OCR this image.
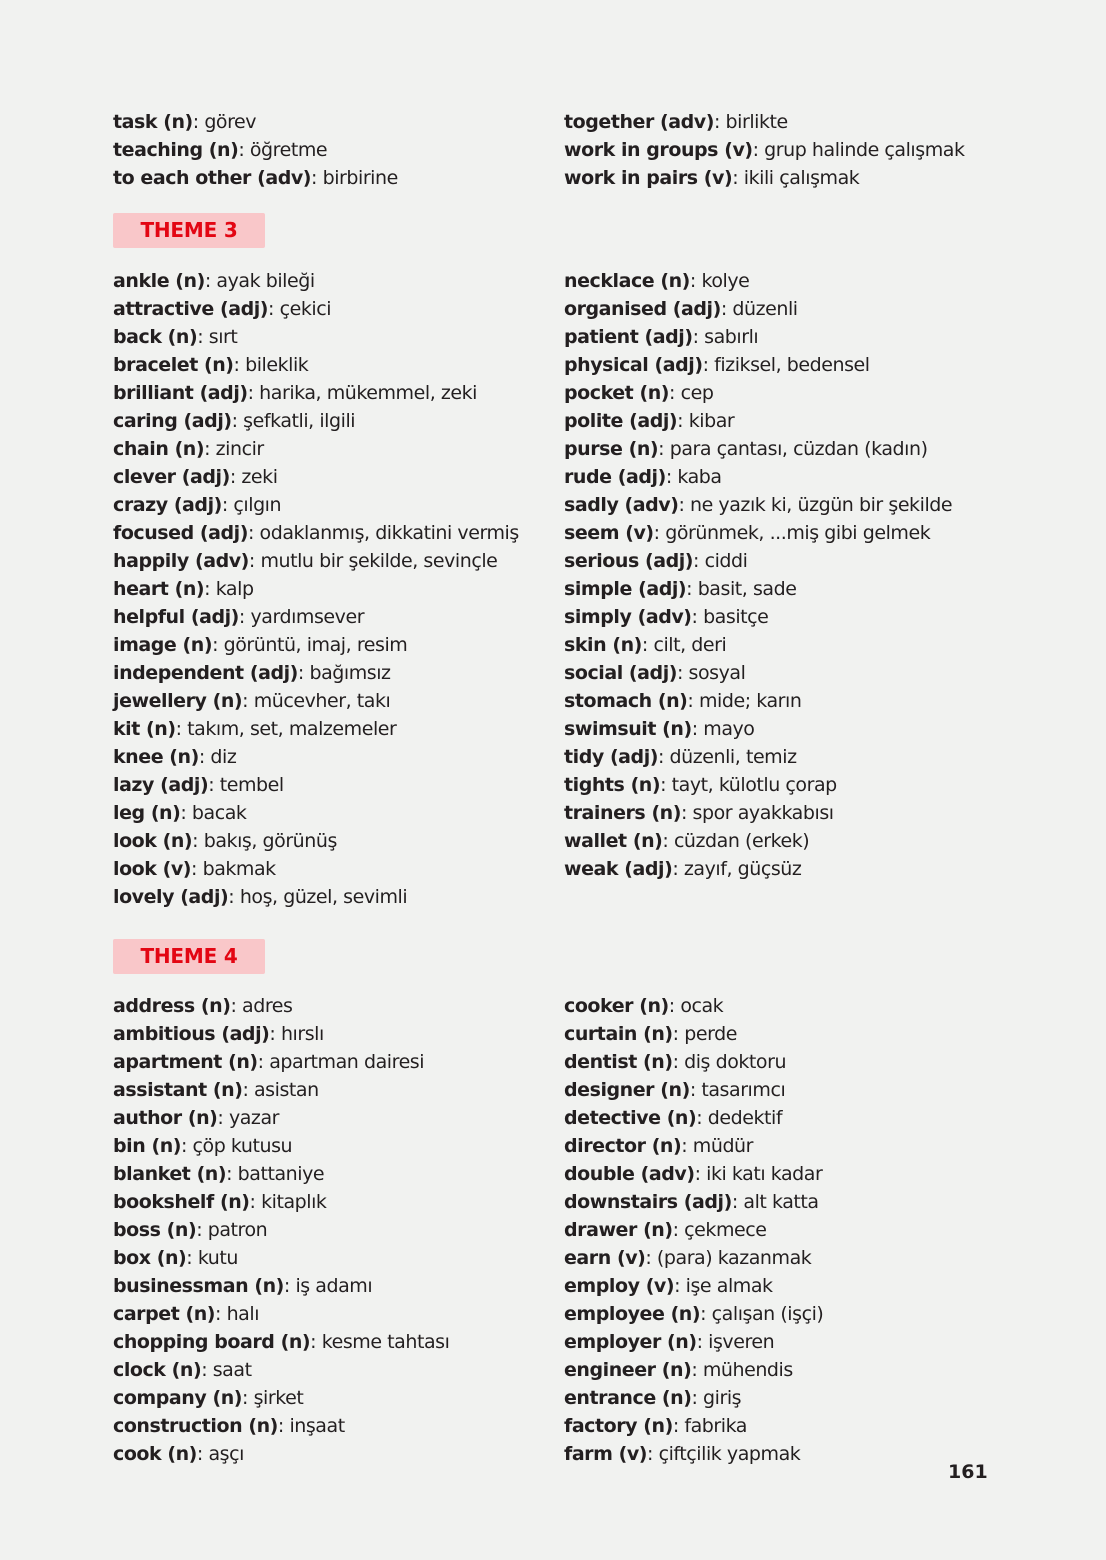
task (n): görev
teaching (n): öğretme
to each other (adv): birbirine
together (adv): birlikte
work in groups (v): grup halinde çalışmak
work in pairs (v): ikili çalışmak
THEME 3
ankle (n): ayak bileği
attractive (adj): çekici
back (n): sırt
bracelet (n): bileklik
brilliant (adj): harika, mükemmel, zeki
caring (adj): şefkatli, ilgili
chain (n): zincir
clever (adj): zeki
crazy (adj): çılgın
focused (adj): odaklanmış, dikkatini vermiş
happily (adv): mutlu bir şekilde, sevinçle
heart (n): kalp
helpful (adj): yardımsever
image (n): görüntü, imaj, resim
independent (adj): bağımsız
jewellery (n): mücevher, takı
kit (n): takım, set, malzemeler
knee (n): diz
lazy (adj): tembel
leg (n): bacak
look (n): bakış, görünüş
look (v): bakmak
lovely (adj): hoş, güzel, sevimli
necklace (n): kolye
organised (adj): düzenli
patient (adj): sabırlı
physical (adj): fiziksel, bedensel
pocket (n): cep
polite (adj): kibar
purse (n): para çantası, cüzdan (kadın)
rude (adj): kaba
sadly (adv): ne yazık ki, üzgün bir şekilde
seem (v): görünmek, ...miş gibi gelmek
serious (adj): ciddi
simple (adj): basit, sade
simply (adv): basitçe
skin (n): cilt, deri
social (adj): sosyal
stomach (n): mide; karın
swimsuit (n): mayo
tidy (adj): düzenli, temiz
tights (n): tayt, külotlu çorap
trainers (n): spor ayakkabısı
wallet (n): cüzdan (erkek)
weak (adj): zayıf, güçsüz
THEME 4
address (n): adres
ambitious (adj): hırslı
apartment (n): apartman dairesi
assistant (n): asistan
author (n): yazar
bin (n): çöp kutusu
blanket (n): battaniye
bookshelf (n): kitaplık
boss (n): patron
box (n): kutu
businessman (n): iş adamı
carpet (n): halı
chopping board (n): kesme tahtası
clock (n): saat
company (n): şirket
construction (n): inşaat
cook (n): aşçı
cooker (n): ocak
curtain (n): perde
dentist (n): diş doktoru
designer (n): tasarımcı
detective (n): dedektif
director (n): müdür
double (adv): iki katı kadar
downstairs (adj): alt katta
drawer (n): çekmece
earn (v): (para) kazanmak
employ (v): işe almak
employee (n): çalışan (işçi)
employer (n): işveren
engineer (n): mühendis
entrance (n): giriş
factory (n): fabrika
farm (v): çiftçilik yapmak
161
